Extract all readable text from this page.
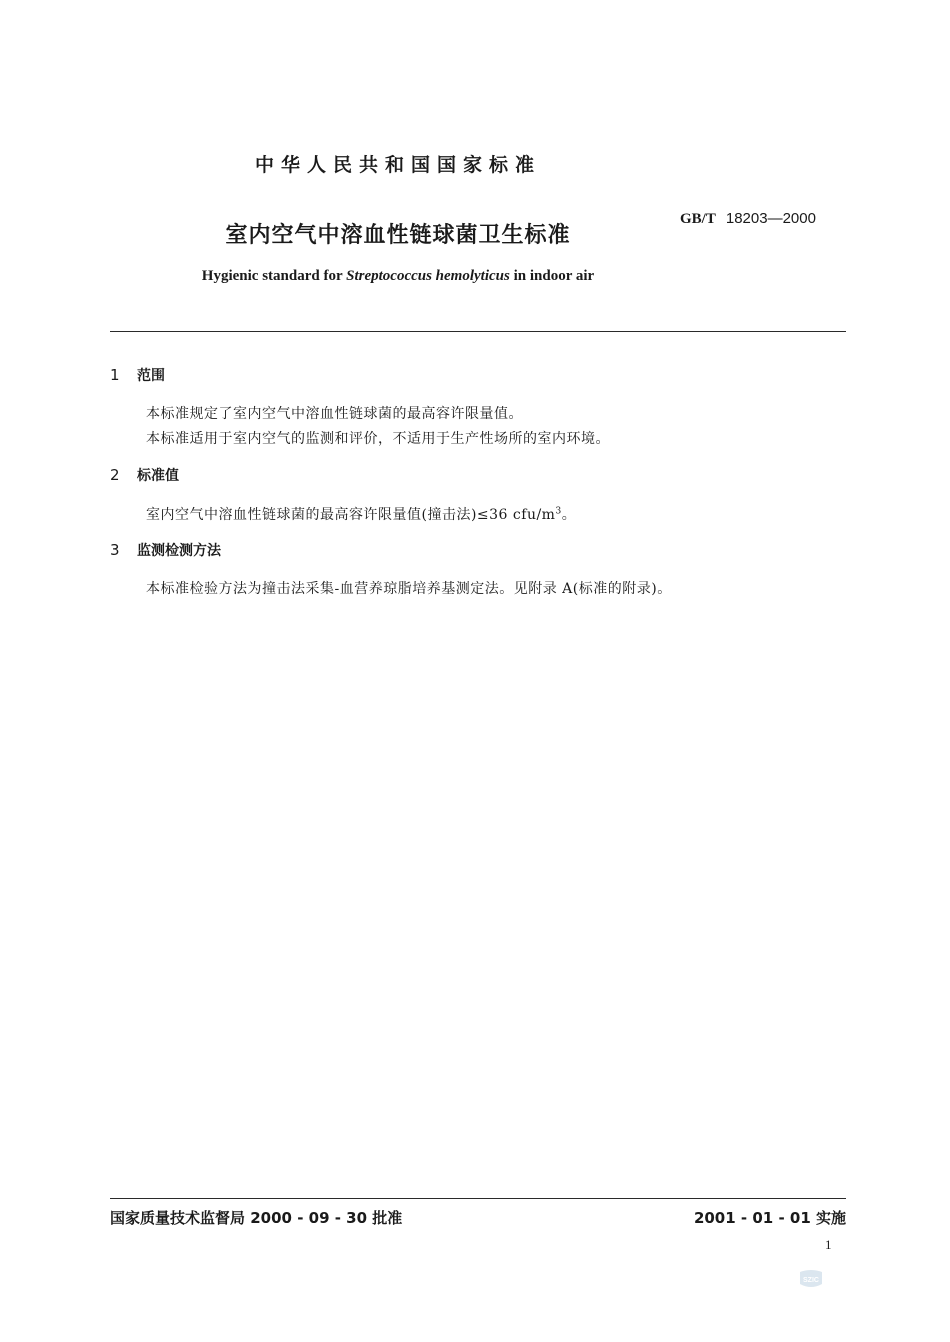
中华人民共和国国家标准
GB/T 18203—2000
室内空气中溶血性链球菌卫生标准
Hygienic standard for Streptococcus hemolyticus in indoor air
1 范围
本标准规定了室内空气中溶血性链球菌的最高容许限量值。
本标准适用于室内空气的监测和评价，不适用于生产性场所的室内环境。
2 标准值
室内空气中溶血性链球菌的最高容许限量值(撞击法)≤36 cfu/$m^3$。
3 监测检测方法
本标准检验方法为撞击法采集-血营养琼脂培养基测定法。见附录 A(标准的附录)。
国家质量技术监督局 2000 - 09 - 30 批准	2001 - 01 - 01 实施
1
SZIC
